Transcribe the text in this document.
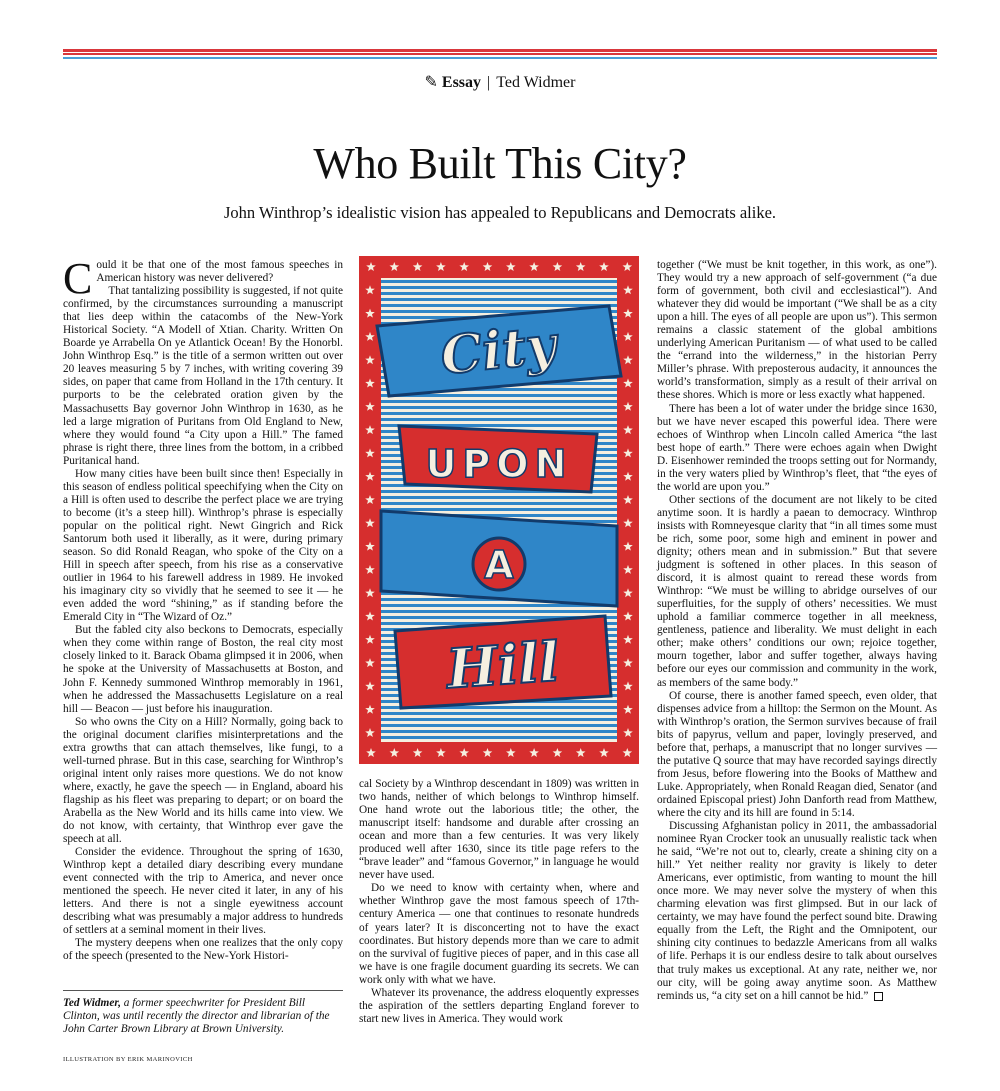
✎ Essay | Ted Widmer
Who Built This City?
John Winthrop’s idealistic vision has appealed to Republicans and Democrats alike.

Could it be that one of the most famous speeches in American history was never delivered?

That tantalizing possibility is suggested, if not quite confirmed, by the circumstances surrounding a manuscript that lies deep within the catacombs of the New-York Historical Society. “A Modell of Xtian. Charity. Written On Boarde ye Arrabella On ye Atlantick Ocean! By the Honorbl. John Winthrop Esq.” is the title of a sermon written out over 20 leaves measuring 5 by 7 inches, with writing covering 39 sides, on paper that came from Holland in the 17th century. It purports to be the celebrated oration given by the Massachusetts Bay governor John Winthrop in 1630, as he led a large migration of Puritans from Old England to New, where they would found “a City upon a Hill.” The famed phrase is right there, three lines from the bottom, in a cribbed Puritanical hand.

How many cities have been built since then! Especially in this season of endless political speechifying when the City on a Hill is often used to describe the perfect place we are trying to become (it’s a steep hill). Winthrop’s phrase is especially popular on the political right. Newt Gingrich and Rick Santorum both used it liberally, as it were, during primary season. So did Ronald Reagan, who spoke of the City on a Hill in speech after speech, from his rise as a conservative outlier in 1964 to his farewell address in 1989. He invoked his imaginary city so vividly that he seemed to see it — he even added the word “shining,” as if standing before the Emerald City in “The Wizard of Oz.”

But the fabled city also beckons to Democrats, especially when they come within range of Boston, the real city most closely linked to it. Barack Obama glimpsed it in 2006, when he spoke at the University of Massachusetts at Boston, and John F. Kennedy summoned Winthrop memorably in 1961, when he addressed the Massachusetts Legislature on a real hill — Beacon — just before his inauguration.

So who owns the City on a Hill? Normally, going back to the original document clarifies misinterpretations and the extra growths that can attach themselves, like fungi, to a well-turned phrase. But in this case, searching for Winthrop’s original intent only raises more questions. We do not know where, exactly, he gave the speech — in England, aboard his flagship as his fleet was preparing to depart; or on board the Arabella as the New World and its hills came into view. We do not know, with certainty, that Winthrop ever gave the speech at all.

Consider the evidence. Throughout the spring of 1630, Winthrop kept a detailed diary describing every mundane event connected with the trip to America, and never once mentioned the speech. He never cited it later, in any of his letters. And there is not a single eyewitness account describing what was presumably a major address to hundreds of settlers at a seminal moment in their lives.

The mystery deepens when one realizes that the only copy of the speech (presented to the New-York Histori-

Ted Widmer, a former speechwriter for President Bill Clinton, was until recently the director and librarian of the John Carter Brown Library at Brown University.
ILLUSTRATION BY ERIK MARINOVICH
City
UPON
A
Hill

cal Society by a Winthrop descendant in 1809) was written in two hands, neither of which belongs to Winthrop himself. One hand wrote out the laborious title; the other, the manuscript itself: handsome and durable after crossing an ocean and more than a few centuries. It was very likely produced well after 1630, since its title page refers to the “brave leader” and “famous Governor,” in language he would never have used.

Do we need to know with certainty when, where and whether Winthrop gave the most famous speech of 17th-century America — one that continues to resonate hundreds of years later? It is disconcerting not to have the exact coordinates. But history depends more than we care to admit on the survival of fugitive pieces of paper, and in this case all we have is one fragile document guarding its secrets. We can work only with what we have.

Whatever its provenance, the address eloquently expresses the aspiration of the settlers departing England forever to start new lives in America. They would work

together (“We must be knit together, in this work, as one”). They would try a new approach of self-government (“a due form of government, both civil and ecclesiastical”). And whatever they did would be important (“We shall be as a city upon a hill. The eyes of all people are upon us”). This sermon remains a classic statement of the global ambitions underlying American Puritanism — of what used to be called the “errand into the wilderness,” in the historian Perry Miller’s phrase. With preposterous audacity, it announces the world’s transformation, simply as a result of their arrival on these shores. Which is more or less exactly what happened.

There has been a lot of water under the bridge since 1630, but we have never escaped this powerful idea. There were echoes of Winthrop when Lincoln called America “the last best hope of earth.” There were echoes again when Dwight D. Eisenhower reminded the troops setting out for Normandy, in the very waters plied by Winthrop’s fleet, that “the eyes of the world are upon you.”

Other sections of the document are not likely to be cited anytime soon. It is hardly a paean to democracy. Winthrop insists with Romneyesque clarity that “in all times some must be rich, some poor, some high and eminent in power and dignity; others mean and in submission.” But that severe judgment is softened in other places. In this season of discord, it is almost quaint to reread these words from Winthrop: “We must be willing to abridge ourselves of our superfluities, for the supply of others’ necessities. We must uphold a familiar commerce together in all meekness, gentleness, patience and liberality. We must delight in each other; make others’ conditions our own; rejoice together, mourn together, labor and suffer together, always having before our eyes our commission and community in the work, as members of the same body.”

Of course, there is another famed speech, even older, that dispenses advice from a hilltop: the Sermon on the Mount. As with Winthrop’s oration, the Sermon survives because of frail bits of papyrus, vellum and paper, lovingly preserved, and before that, perhaps, a manuscript that no longer survives — the putative Q source that may have recorded sayings directly from Jesus, before flowering into the Books of Matthew and Luke. Appropriately, when Ronald Reagan died, Senator (and ordained Episcopal priest) John Danforth read from Matthew, where the city and its hill are found in 5:14.

Discussing Afghanistan policy in 2011, the ambassadorial nominee Ryan Crocker took an unusually realistic tack when he said, “We’re not out to, clearly, create a shining city on a hill.” Yet neither reality nor gravity is likely to deter Americans, ever optimistic, from wanting to mount the hill once more. We may never solve the mystery of when this charming elevation was first glimpsed. But in our lack of certainty, we may have found the perfect sound bite. Drawing equally from the Left, the Right and the Omnipotent, our shining city continues to bedazzle Americans from all walks of life. Perhaps it is our endless desire to talk about ourselves that truly makes us exceptional. At any rate, neither we, nor our city, will be going away anytime soon. As Matthew reminds us, “a city set on a hill cannot be hid.”
